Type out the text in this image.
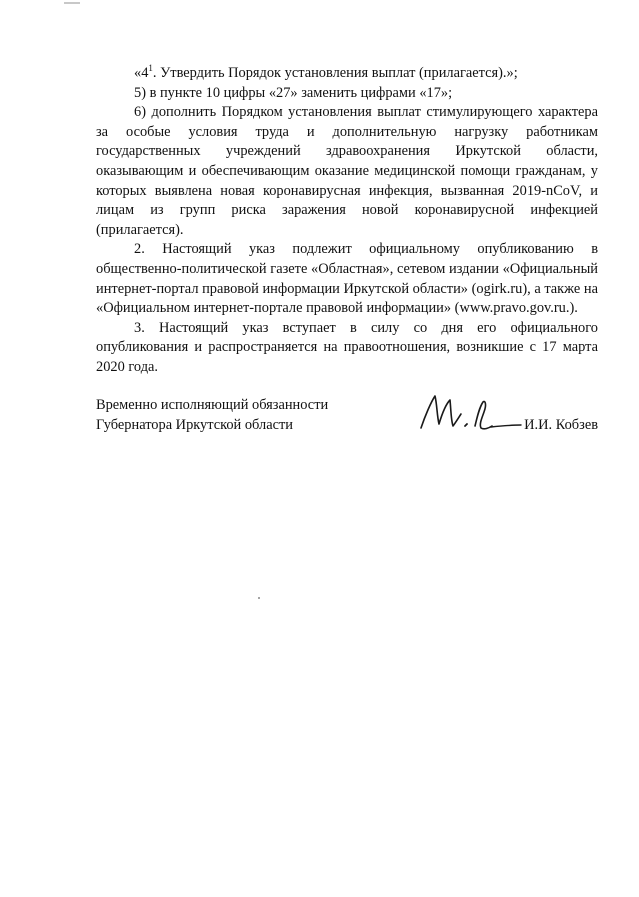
«$4^1$. Утвердить Порядок установления выплат (прилагается).»;

5) в пункте 10 цифры «27» заменить цифрами «17»;

6) дополнить Порядком установления выплат стимулирующего характера за особые условия труда и дополнительную нагрузку работникам государственных учреждений здравоохранения Иркутской области, оказывающим и обеспечивающим оказание медицинской помощи гражданам, у которых выявлена новая коронавирусная инфекция, вызванная 2019-nCoV, и лицам из групп риска заражения новой коронавирусной инфекцией (прилагается).

2. Настоящий указ подлежит официальному опубликованию в общественно-политической газете «Областная», сетевом издании «Официальный интернет-портал правовой информации Иркутской области» (ogirk.ru), а также на «Официальном интернет-портале правовой информации» (www.pravo.gov.ru.).

3. Настоящий указ вступает в силу со дня его официального опубликования и распространяется на правоотношения, возникшие с 17 марта 2020 года.

Временно исполняющий обязанности
Губернатора Иркутской области	И.И. Кобзев
